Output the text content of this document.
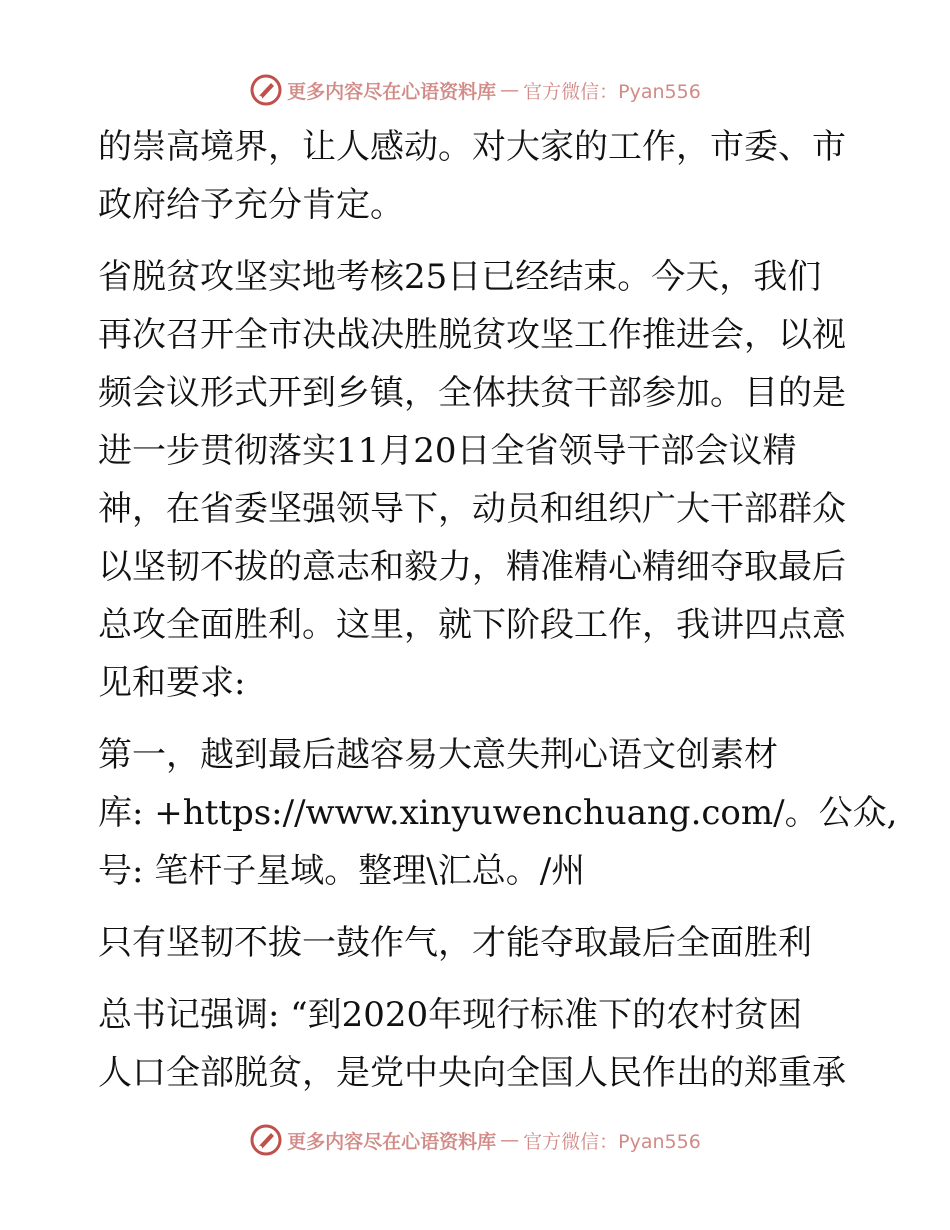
更多内容尽在心语资料库 — 官方微信：Pyan556

的崇高境界，让人感动。对大家的工作，市委、市

政府给予充分肯定。

省脱贫攻坚实地考核25日已经结束。今天，我们

再次召开全市决战决胜脱贫攻坚工作推进会，以视

频会议形式开到乡镇，全体扶贫干部参加。目的是

进一步贯彻落实11月20日全省领导干部会议精

神，在省委坚强领导下，动员和组织广大干部群众

以坚韧不拔的意志和毅力，精准精心精细夺取最后

总攻全面胜利。这里，就下阶段工作，我讲四点意

见和要求:

第一，越到最后越容易大意失荆心语文创素材

库: +https://www.xinyuwenchuang.com/。公众,

号: 笔杆子星域。整理\汇总。/州

只有坚韧不拔一鼓作气，才能夺取最后全面胜利

总书记强调: “到2020年现行标准下的农村贫困

人口全部脱贫，是党中央向全国人民作出的郑重承

更多内容尽在心语资料库 — 官方微信：Pyan556
